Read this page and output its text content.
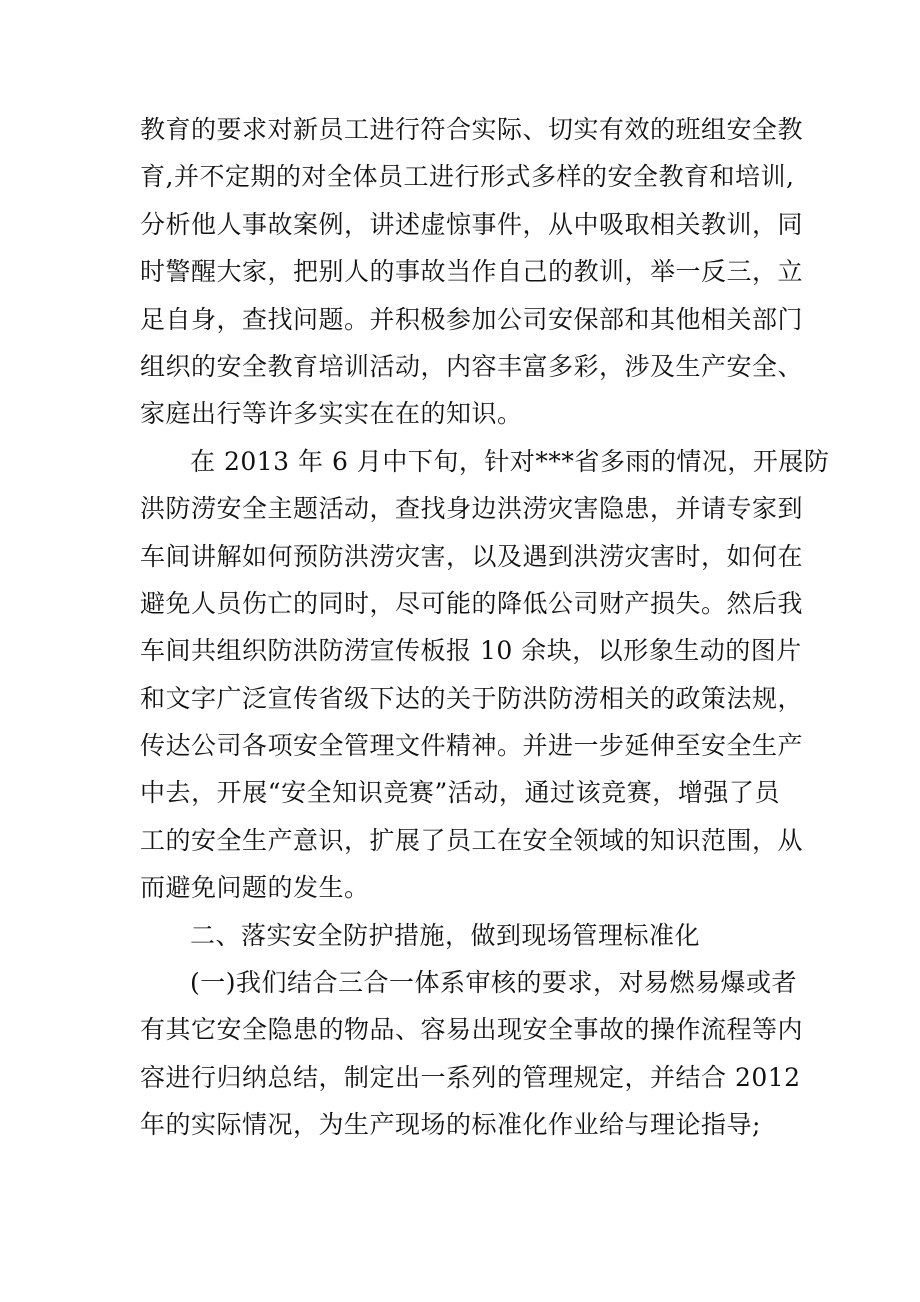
教育的要求对新员工进行符合实际、切实有效的班组安全教
育,并不定期的对全体员工进行形式多样的安全教育和培训,
分析他人事故案例，讲述虚惊事件，从中吸取相关教训，同
时警醒大家，把别人的事故当作自己的教训，举一反三，立
足自身，查找问题。并积极参加公司安保部和其他相关部门
组织的安全教育培训活动，内容丰富多彩，涉及生产安全、
家庭出行等许多实实在在的知识。
在 2013 年 6 月中下旬，针对***省多雨的情况，开展防
洪防涝安全主题活动，查找身边洪涝灾害隐患，并请专家到
车间讲解如何预防洪涝灾害，以及遇到洪涝灾害时，如何在
避免人员伤亡的同时，尽可能的降低公司财产损失。然后我
车间共组织防洪防涝宣传板报 10 余块，以形象生动的图片
和文字广泛宣传省级下达的关于防洪防涝相关的政策法规，
传达公司各项安全管理文件精神。并进一步延伸至安全生产
中去，开展“安全知识竞赛”活动，通过该竞赛，增强了员
工的安全生产意识，扩展了员工在安全领域的知识范围，从
而避免问题的发生。
二、落实安全防护措施，做到现场管理标准化
(一)我们结合三合一体系审核的要求，对易燃易爆或者
有其它安全隐患的物品、容易出现安全事故的操作流程等内
容进行归纳总结，制定出一系列的管理规定，并结合 2012
年的实际情况，为生产现场的标准化作业给与理论指导;
